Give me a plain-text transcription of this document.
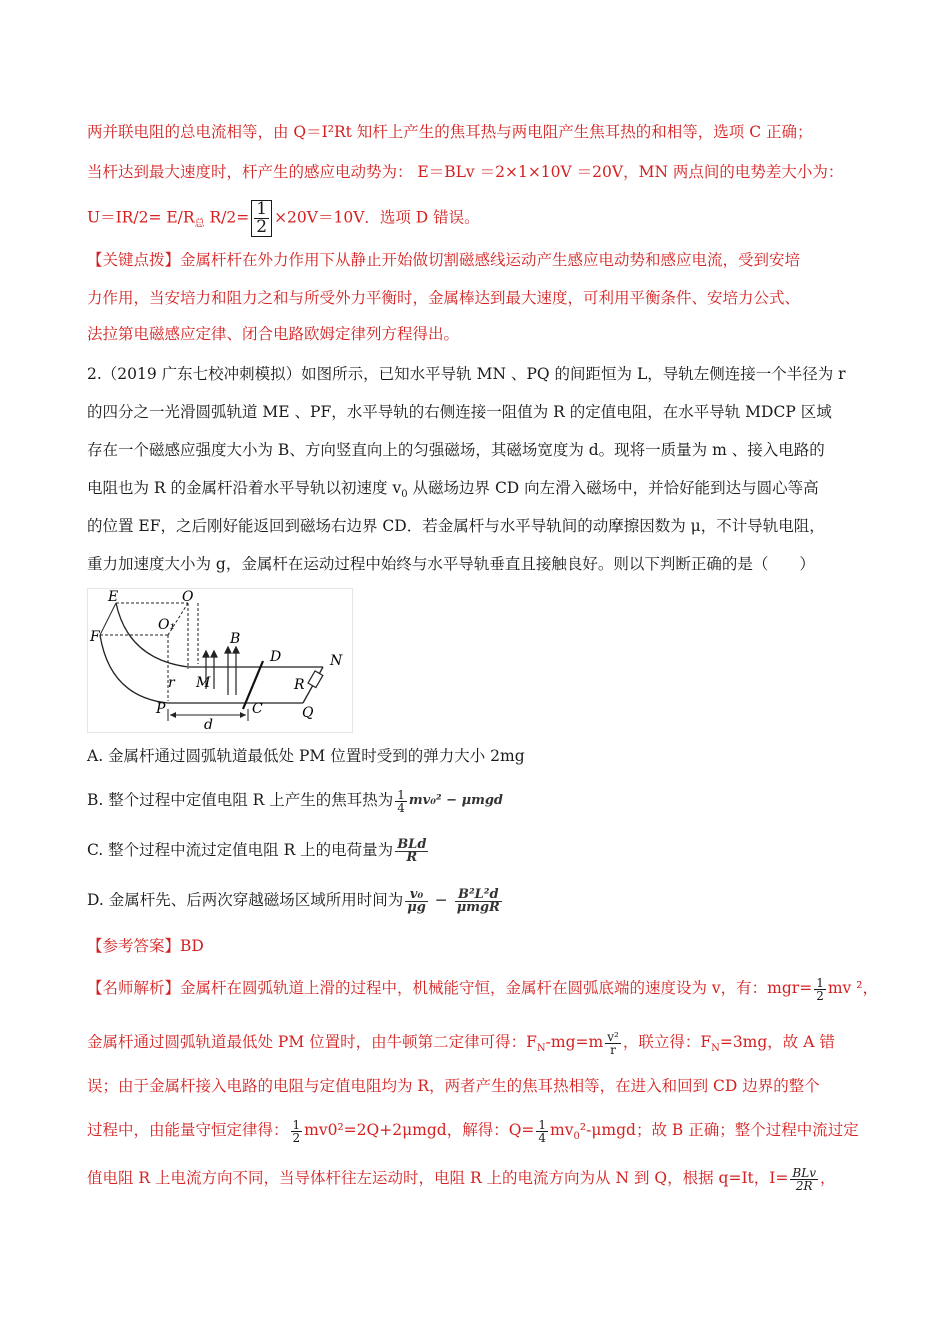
两并联电阻的总电流相等，由 Q＝I²Rt 知杆上产生的焦耳热与两电阻产生焦耳热的和相等，选项 C 正确；
当杆达到最大速度时，杆产生的感应电动势为： E＝BLv ＝2×1×10V ＝20V，MN 两点间的电势差大小为：
$U=IR/2= E/R_总$ $R/2= \frac{1}{2} \times 20V=10V$．选项 D 错误。
【关键点拨】金属杆杆在外力作用下从静止开始做切割磁感线运动产生感应电动势和感应电流，受到安培
力作用，当安培力和阻力之和与所受外力平衡时，金属棒达到最大速度，可利用平衡条件、安培力公式、
法拉第电磁感应定律、闭合电路欧姆定律列方程得出。
2.（2019 广东七校冲刺模拟）如图所示，已知水平导轨 MN 、PQ 的间距恒为 L，导轨左侧连接一个半径为 r
的四分之一光滑圆弧轨道 ME 、PF，水平导轨的右侧连接一阻值为 R 的定值电阻，在水平导轨 MDCP 区域
存在一个磁感应强度大小为 B、方向竖直向上的匀强磁场，其磁场宽度为 d。现将一质量为 m 、接入电路的
电阻也为 R 的金属杆沿着水平导轨以初速度 $v_0$ 从磁场边界 CD 向左滑入磁场中，并恰好能到达与圆心等高
的位置 EF，之后刚好能返回到磁场右边界 CD．若金属杆与水平导轨间的动摩擦因数为 μ，不计导轨电阻，
重力加速度大小为 g，金属杆在运动过程中始终与水平导轨垂直且接触良好。则以下判断正确的是（　　）
E	O
F
O₁
B
D	N
r M	R
P	C	Q
d
A. 金属杆通过圆弧轨道最低处 PM 位置时受到的弹力大小 2mg
B. 整个过程中定值电阻 R 上产生的焦耳热为 $\frac{1}{4} mv_0^2 - \mu mgd$
C. 整个过程中流过定值电阻 R 上的电荷量为 $\frac{\text{BLd}}{R}$
D. 金属杆先、后两次穿越磁场区域所用时间为 $\frac{\text{v₀}}{\mu g} - \frac{\text{B²L²d}}{\text{μmgR}}$
【参考答案】BD
【名师解析】金属杆在圆弧轨道上滑的过程中，机械能守恒，金属杆在圆弧底端的速度设为 v，有：$mgr= \frac{1}{2}$ mv ²，
金属杆通过圆弧轨道最低处 PM 位置时，由牛顿第二定律可得：$F_N-mg=m \frac{\text{v²}}{r}$ ，联立得：$F_N=3mg$，故 A 错
误；由于金属杆接入电路的电阻与定值电阻均为 R，两者产生的焦耳热相等，在进入和回到 CD 边界的整个
过程中，由能量守恒定律得： $\frac{1}{2} mv0^2=2Q+2\mu mgd$，解得：$Q= \frac{1}{4} mv_0^2-\mu mgd$；故 B 正确；整个过程中流过定
值电阻 R 上电流方向不同，当导体杆往左运动时，电阻 R 上的电流方向为从 N 到 Q，根据 q=It，$I= \frac{\text{BLv}}{2R}$ ，
